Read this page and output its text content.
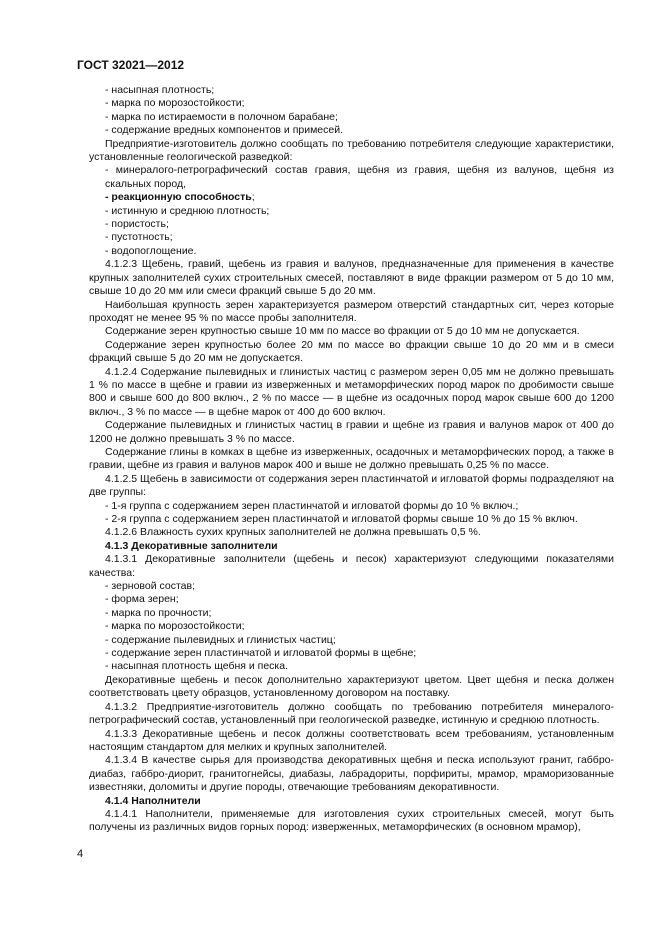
ГОСТ 32021—2012

- насыпная плотность;

- марка по морозостойкости;

- марка по истираемости в полочном барабане;

- содержание вредных компонентов и примесей.

Предприятие-изготовитель должно сообщать по требованию потребителя следующие характеристики, установленные геологической разведкой:

- минералого-петрографический состав гравия, щебня из гравия, щебня из валунов, щебня из скальных пород,

- реакционную способность;

- истинную и среднюю плотность;

- пористость;

- пустотность;

- водопоглощение.

4.1.2.3 Щебень, гравий, щебень из гравия и валунов, предназначенные для применения в качестве крупных заполнителей сухих строительных смесей, поставляют в виде фракции размером от 5 до 10 мм, свыше 10 до 20 мм или смеси фракций свыше 5 до 20 мм.

Наибольшая крупность зерен характеризуется размером отверстий стандартных сит, через которые проходят не менее 95 % по массе пробы заполнителя.

Содержание зерен крупностью свыше 10 мм по массе во фракции от 5 до 10 мм не допускается.

Содержание зерен крупностью более 20 мм по массе во фракции свыше 10 до 20 мм и в смеси фракций свыше 5 до 20 мм не допускается.

4.1.2.4 Содержание пылевидных и глинистых частиц с размером зерен 0,05 мм не должно превышать 1 % по массе в щебне и гравии из изверженных и метаморфических пород марок по дробимости свыше 800 и свыше 600 до 800 включ., 2 % по массе — в щебне из осадочных пород марок свыше 600 до 1200 включ., 3 % по массе — в щебне марок от 400 до 600 включ.

Содержание пылевидных и глинистых частиц в гравии и щебне из гравия и валунов марок от 400 до 1200 не должно превышать 3 % по массе.

Содержание глины в комках в щебне из изверженных, осадочных и метаморфических пород, а также в гравии, щебне из гравия и валунов марок 400 и выше не должно превышать 0,25 % по массе.

4.1.2.5 Щебень в зависимости от содержания зерен пластинчатой и игловатой формы подразделяют на две группы:

- 1-я группа с содержанием зерен пластинчатой и игловатой формы до 10 % включ.;

- 2-я группа с содержанием зерен пластинчатой и игловатой формы свыше 10 % до 15 % включ.

4.1.2.6 Влажность сухих крупных заполнителей не должна превышать 0,5 %.

4.1.3 Декоративные заполнители

4.1.3.1 Декоративные заполнители (щебень и песок) характеризуют следующими показателями качества:

- зерновой состав;

- форма зерен;

- марка по прочности;

- марка по морозостойкости;

- содержание пылевидных и глинистых частиц;

- содержание зерен пластинчатой и игловатой формы в щебне;

- насыпная плотность щебня и песка.

Декоративные щебень и песок дополнительно характеризуют цветом. Цвет щебня и песка должен соответствовать цвету образцов, установленному договором на поставку.

4.1.3.2 Предприятие-изготовитель должно сообщать по требованию потребителя минералого-петрографический состав, установленный при геологической разведке, истинную и среднюю плотность.

4.1.3.3 Декоративные щебень и песок должны соответствовать всем требованиям, установленным настоящим стандартом для мелких и крупных заполнителей.

4.1.3.4 В качестве сырья для производства декоративных щебня и песка используют гранит, габбро-диабаз, габбро-диорит, гранитогнейсы, диабазы, лабрадориты, порфириты, мрамор, мраморизованные известняки, доломиты и другие породы, отвечающие требованиям декоративности.

4.1.4 Наполнители

4.1.4.1 Наполнители, применяемые для изготовления сухих строительных смесей, могут быть получены из различных видов горных пород: изверженных, метаморфических (в основном мрамор),

4
